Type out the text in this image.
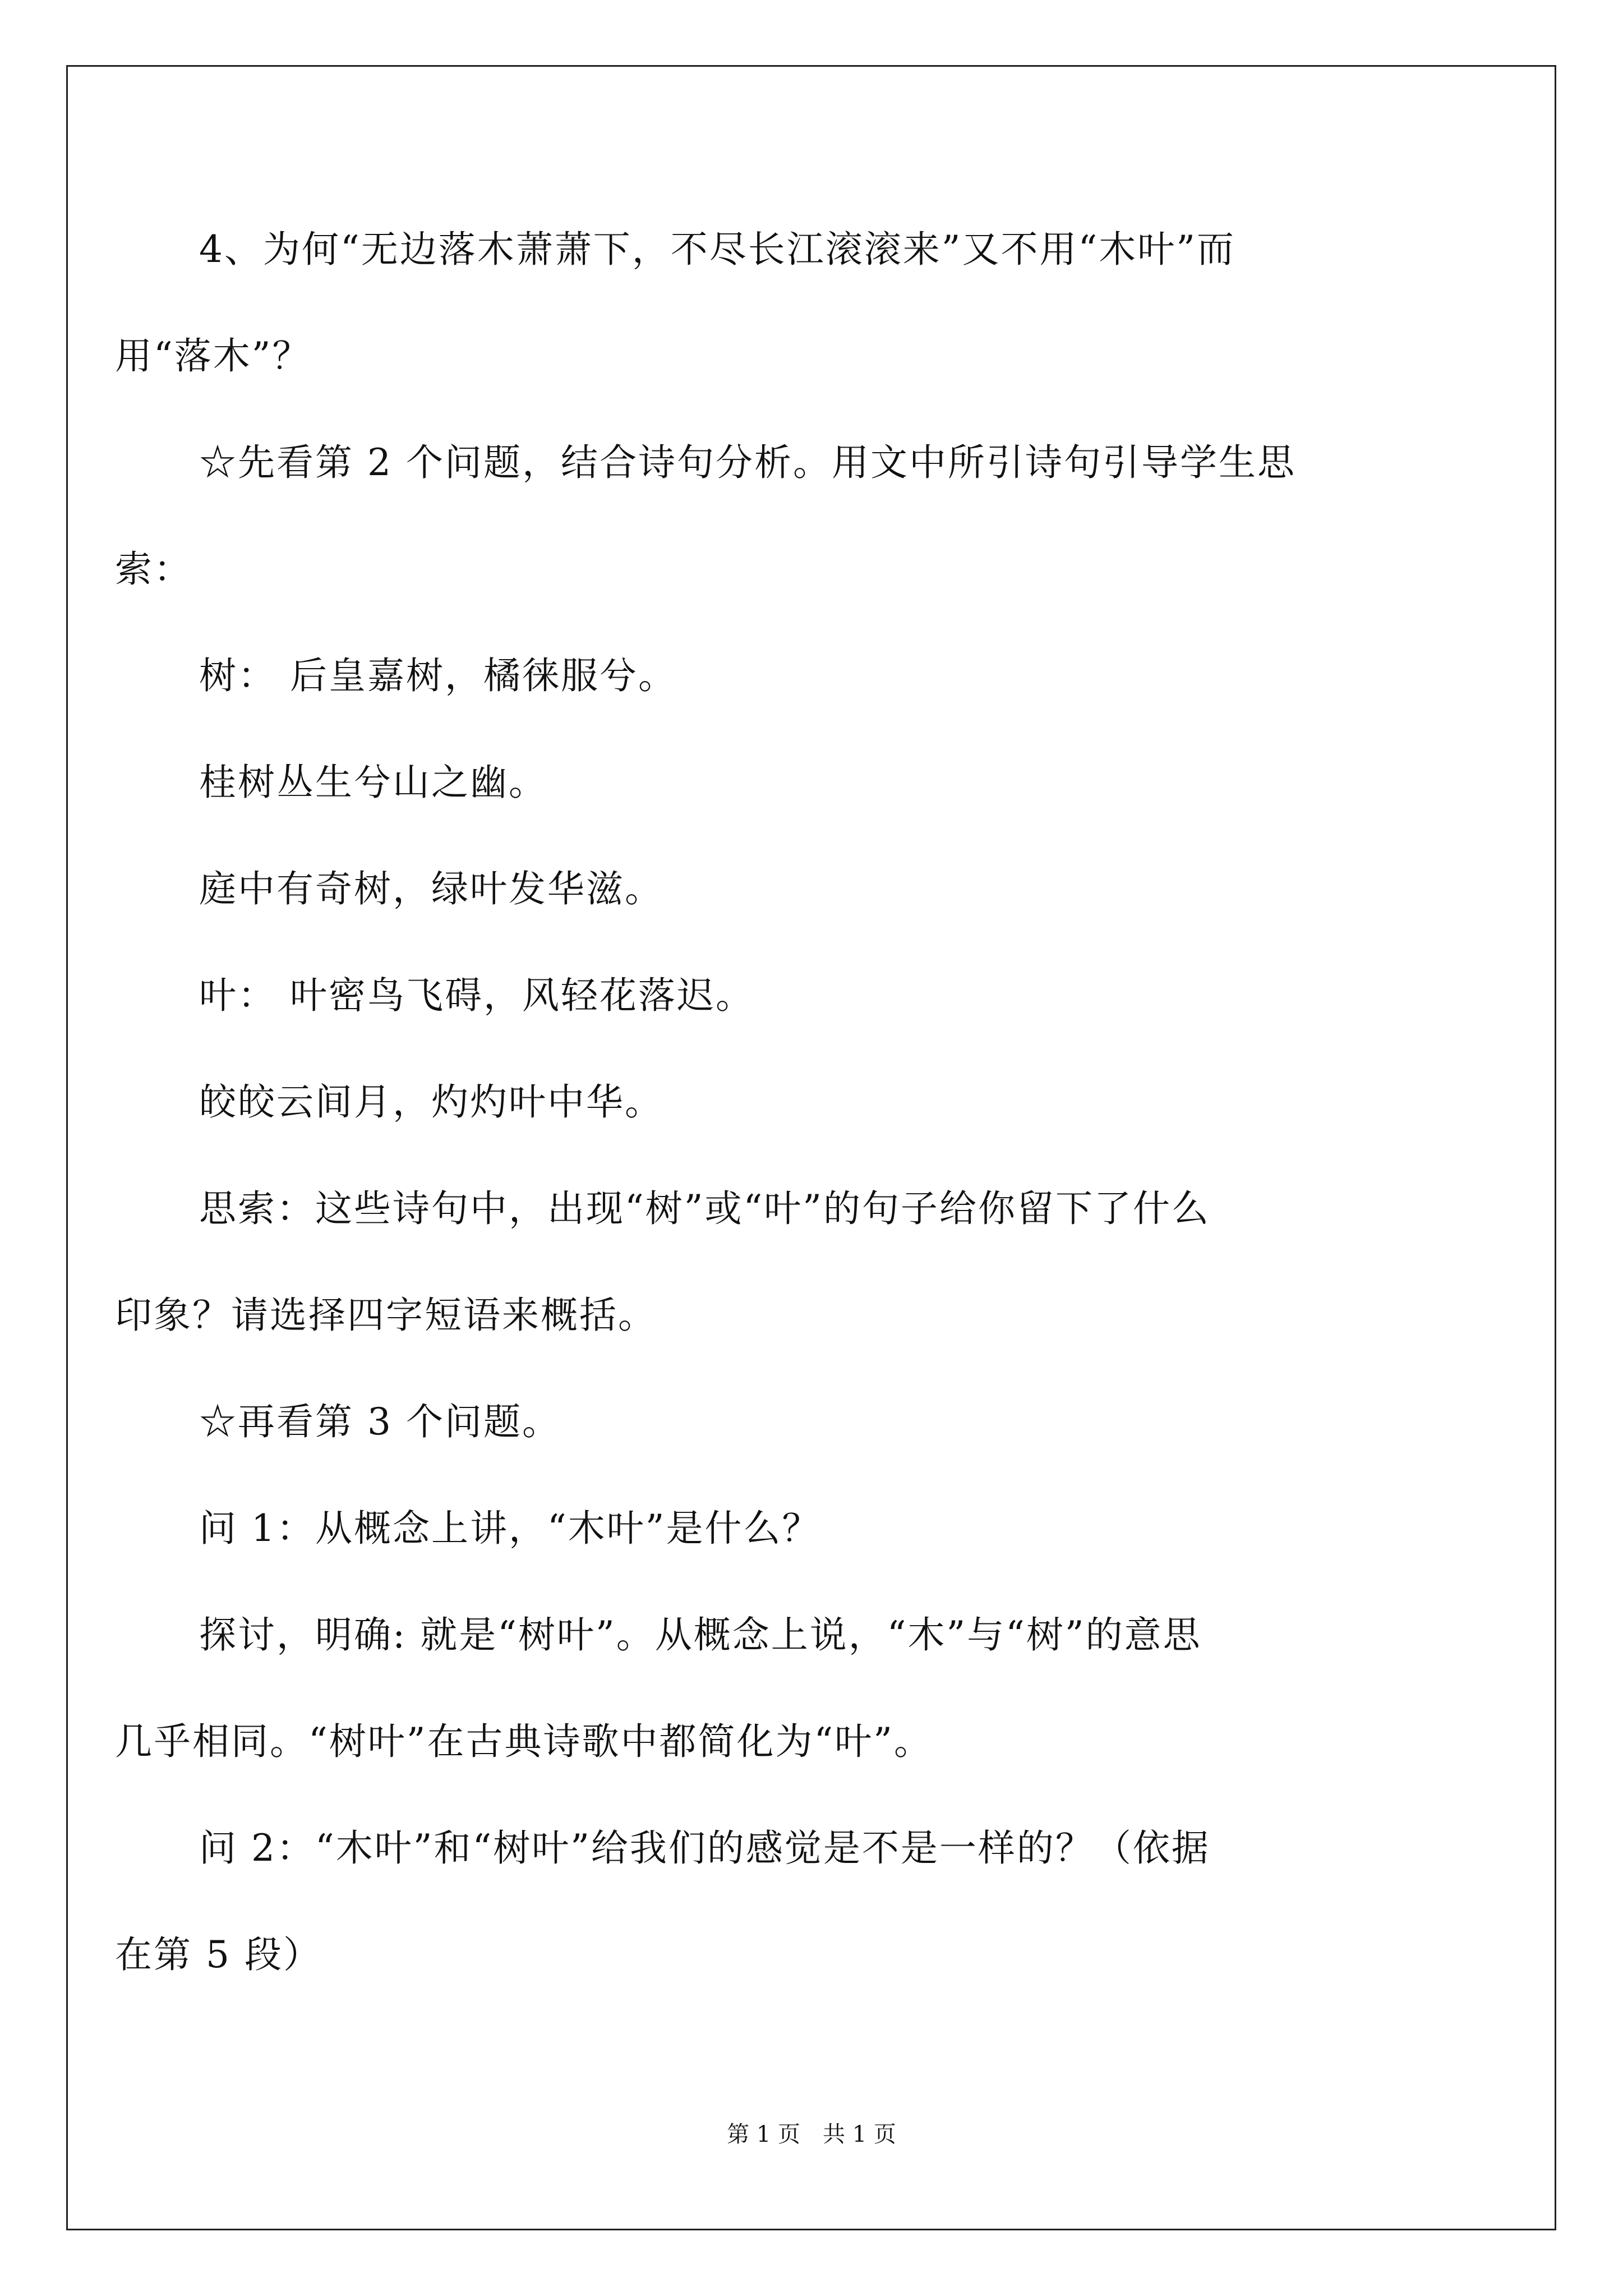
4、为何“无边落木萧萧下，不尽长江滚滚来”又不用“木叶”而
用“落木”？
☆先看第 2 个问题，结合诗句分析。用文中所引诗句引导学生思
索：
树： 后皇嘉树，橘徕服兮。
桂树丛生兮山之幽。
庭中有奇树，绿叶发华滋。
叶： 叶密鸟飞碍，风轻花落迟。
皎皎云间月，灼灼叶中华。
思索：这些诗句中，出现“树”或“叶”的句子给你留下了什么
印象？请选择四字短语来概括。
☆再看第 3 个问题。
问 1：从概念上讲，“木叶”是什么？
探讨，明确: 就是“树叶”。从概念上说，“木”与“树”的意思
几乎相同。“树叶”在古典诗歌中都简化为“叶”。
问 2：“木叶”和“树叶”给我们的感觉是不是一样的？（依据
在第 5 段）
第 1 页　共 1 页
